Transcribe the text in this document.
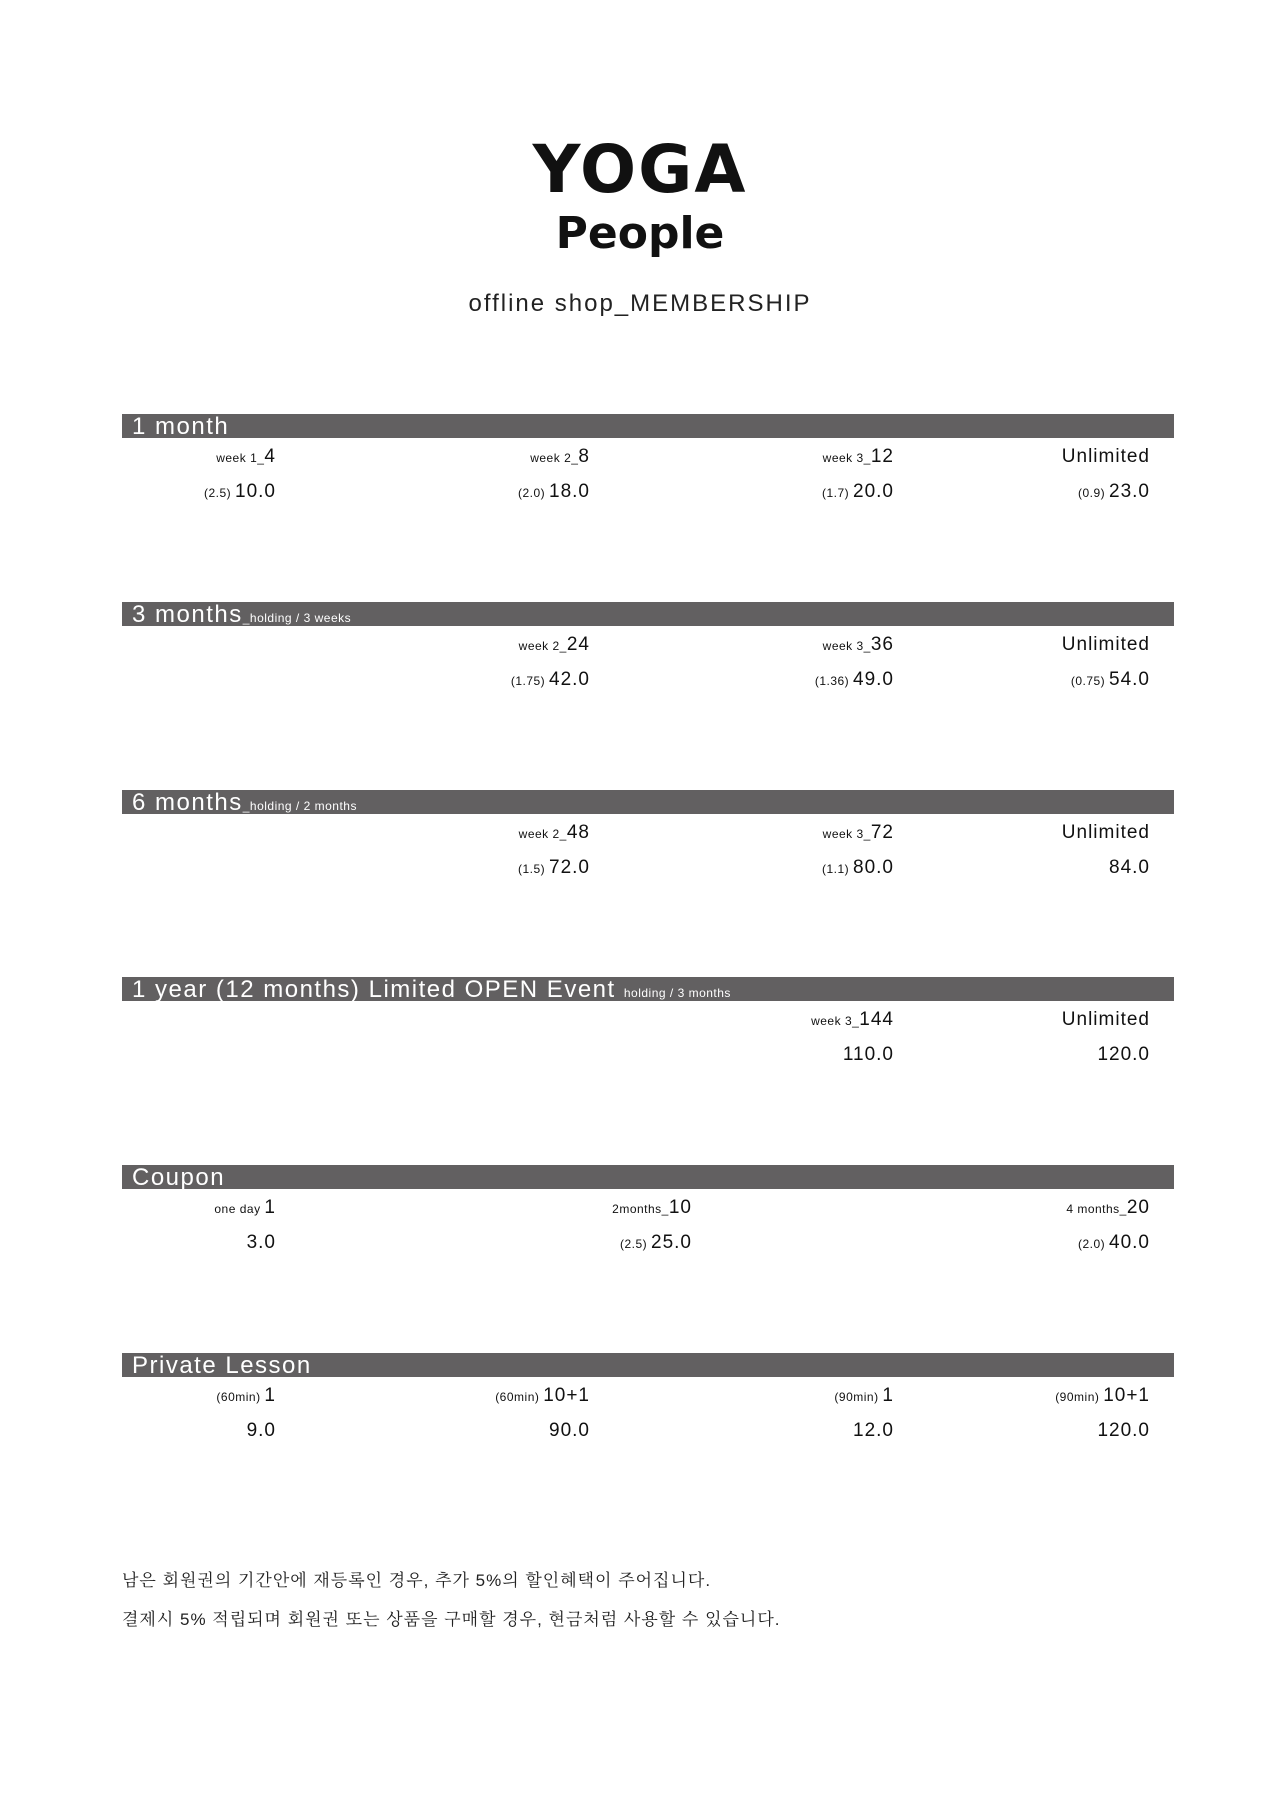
YOGA
People
offline shop_MEMBERSHIP
1 month
week 1_4	week 2_8	week 3_12	Unlimited
(2.5) 10.0	(2.0) 18.0	(1.7) 20.0	(0.9) 23.0
3 months_holding / 3 weeks
week 2_24	week 3_36	Unlimited
(1.75) 42.0	(1.36) 49.0	(0.75) 54.0
6 months_holding / 2 months
week 2_48	week 3_72	Unlimited
(1.5) 72.0	(1.1) 80.0	84.0
1 year (12 months) Limited OPEN Event holding / 3 months
week 3_144	Unlimited
110.0	120.0
Coupon
one day 1	2months_10	4 months_20
3.0	(2.5) 25.0	(2.0) 40.0
Private Lesson
(60min) 1	(60min) 10+1	(90min) 1	(90min) 10+1
9.0	90.0	12.0	120.0
남은 회원권의 기간안에 재등록인 경우, 추가 5%의 할인혜택이 주어집니다.
결제시 5% 적립되며 회원권 또는 상품을 구매할 경우, 현금처럼 사용할 수 있습니다.
